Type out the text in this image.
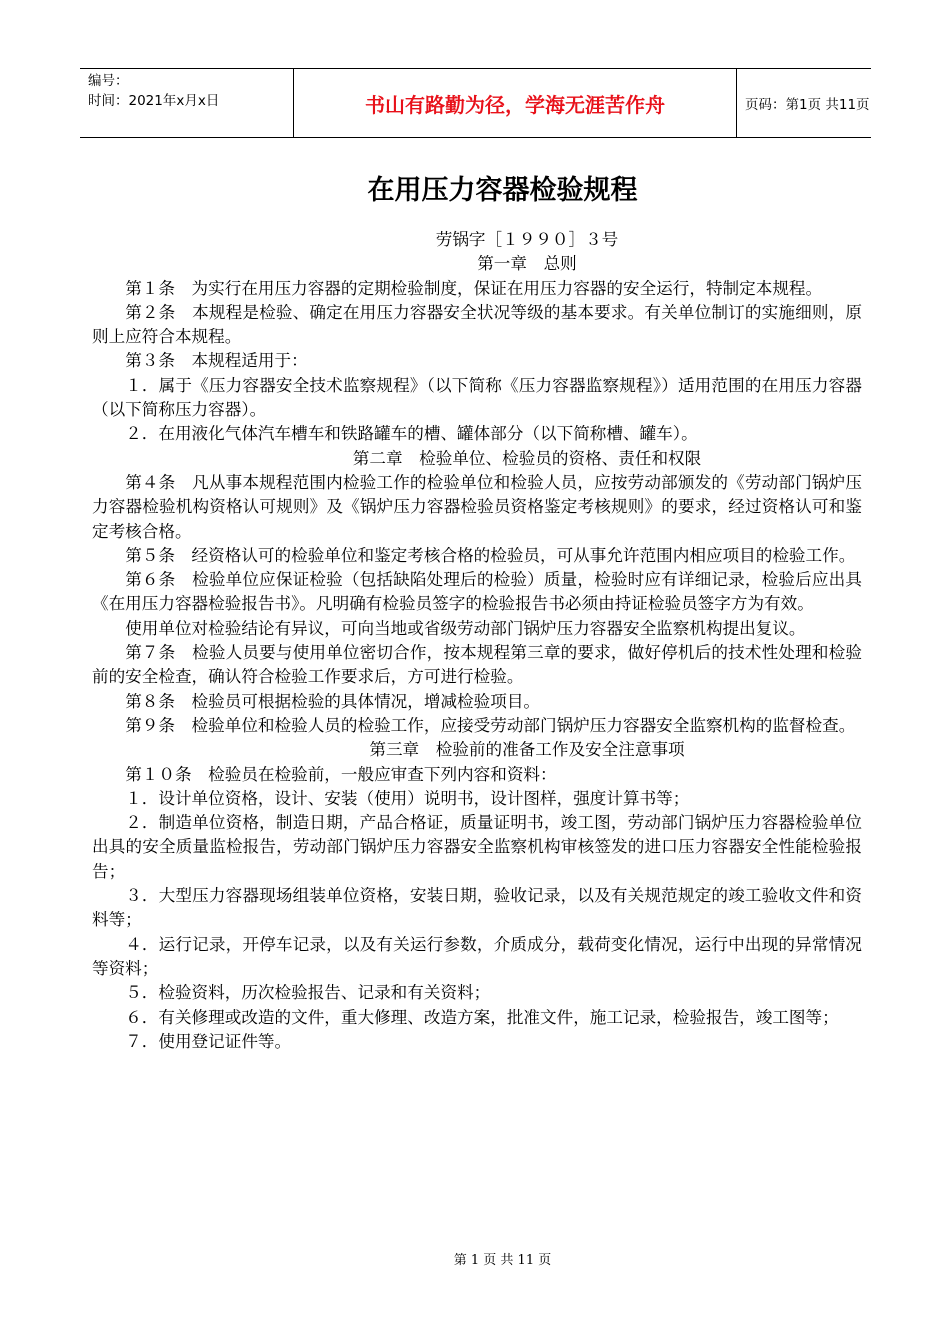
编号：
时间：2021年x月x日	书山有路勤为径，学海无涯苦作舟	页码：第1页 共11页
在用压力容器检验规程

劳锅字［１９９０］３号

第一章　总则

第１条　为实行在用压力容器的定期检验制度，保证在用压力容器的安全运行，特制定本规程。

第２条　本规程是检验、确定在用压力容器安全状况等级的基本要求。有关单位制订的实施细则，原则上应符合本规程。

第３条　本规程适用于：

１．属于《压力容器安全技术监察规程》（以下简称《压力容器监察规程》）适用范围的在用压力容器（以下简称压力容器）。

２．在用液化气体汽车槽车和铁路罐车的槽、罐体部分（以下简称槽、罐车）。

第二章　检验单位、检验员的资格、责任和权限

第４条　凡从事本规程范围内检验工作的检验单位和检验人员，应按劳动部颁发的《劳动部门锅炉压力容器检验机构资格认可规则》及《锅炉压力容器检验员资格鉴定考核规则》的要求，经过资格认可和鉴定考核合格。

第５条　经资格认可的检验单位和鉴定考核合格的检验员，可从事允许范围内相应项目的检验工作。

第６条　检验单位应保证检验（包括缺陷处理后的检验）质量，检验时应有详细记录，检验后应出具《在用压力容器检验报告书》。凡明确有检验员签字的检验报告书必须由持证检验员签字方为有效。

使用单位对检验结论有异议，可向当地或省级劳动部门锅炉压力容器安全监察机构提出复议。

第７条　检验人员要与使用单位密切合作，按本规程第三章的要求，做好停机后的技术性处理和检验前的安全检查，确认符合检验工作要求后，方可进行检验。

第８条　检验员可根据检验的具体情况，增减检验项目。

第９条　检验单位和检验人员的检验工作，应接受劳动部门锅炉压力容器安全监察机构的监督检查。

第三章　检验前的准备工作及安全注意事项

第１０条　检验员在检验前，一般应审查下列内容和资料：

１．设计单位资格，设计、安装（使用）说明书，设计图样，强度计算书等；

２．制造单位资格，制造日期，产品合格证，质量证明书，竣工图，劳动部门锅炉压力容器检验单位出具的安全质量监检报告，劳动部门锅炉压力容器安全监察机构审核签发的进口压力容器安全性能检验报告；

３．大型压力容器现场组装单位资格，安装日期，验收记录，以及有关规范规定的竣工验收文件和资料等；

４．运行记录，开停车记录，以及有关运行参数，介质成分，载荷变化情况，运行中出现的异常情况等资料；

５．检验资料，历次检验报告、记录和有关资料；

６．有关修理或改造的文件，重大修理、改造方案，批准文件，施工记录，检验报告，竣工图等；

７．使用登记证件等。

第 1 页 共 11 页
